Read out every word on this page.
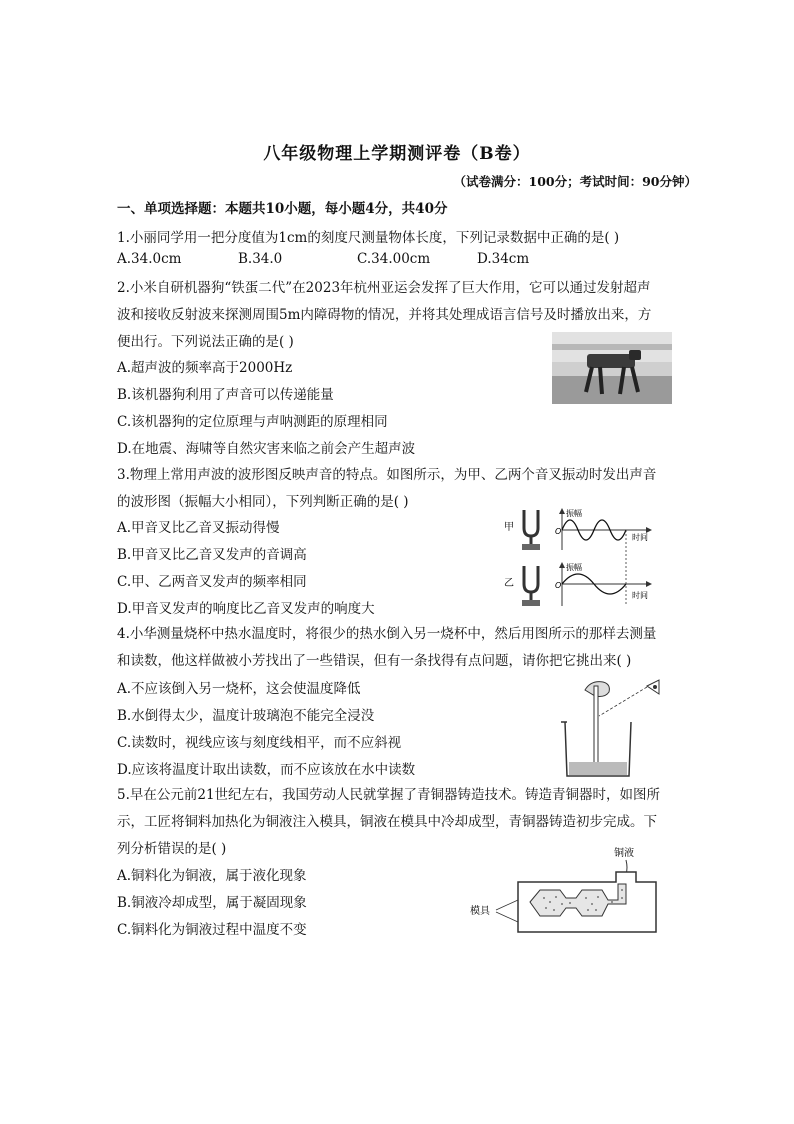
八年级物理上学期测评卷（B卷）
（试卷满分：100分；考试时间：90分钟）
一、单项选择题：本题共10小题，每小题4分，共40分
1.小丽同学用一把分度值为1cm的刻度尺测量物体长度，下列记录数据中正确的是( )
A.34.0cm	B.34.0	C.34.00cm	D.34cm
2.小米自研机器狗“铁蛋二代”在2023年杭州亚运会发挥了巨大作用，它可以通过发射超声
波和接收反射波来探测周围5m内障碍物的情况，并将其处理成语言信号及时播放出来，方
便出行。下列说法正确的是( )
A.超声波的频率高于2000Hz
B.该机器狗利用了声音可以传递能量
C.该机器狗的定位原理与声呐测距的原理相同
D.在地震、海啸等自然灾害来临之前会产生超声波
3.物理上常用声波的波形图反映声音的特点。如图所示，为甲、乙两个音叉振动时发出声音
的波形图（振幅大小相同），下列判断正确的是( )
A.甲音叉比乙音叉振动得慢
B.甲音叉比乙音叉发声的音调高
C.甲、乙两音叉发声的频率相同
D.甲音叉发声的响度比乙音叉发声的响度大
甲
振幅
O
时间
乙
振幅
O
时间
4.小华测量烧杯中热水温度时，将很少的热水倒入另一烧杯中，然后用图所示的那样去测量
和读数，他这样做被小芳找出了一些错误，但有一条找得有点问题，请你把它挑出来( )
A.不应该倒入另一烧杯，这会使温度降低
B.水倒得太少，温度计玻璃泡不能完全浸没
C.读数时，视线应该与刻度线相平，而不应斜视
D.应该将温度计取出读数，而不应该放在水中读数
5.早在公元前21世纪左右，我国劳动人民就掌握了青铜器铸造技术。铸造青铜器时，如图所
示，工匠将铜料加热化为铜液注入模具，铜液在模具中冷却成型，青铜器铸造初步完成。下
列分析错误的是( )
A.铜料化为铜液，属于液化现象
B.铜液冷却成型，属于凝固现象
C.铜料化为铜液过程中温度不变
铜液
模具
